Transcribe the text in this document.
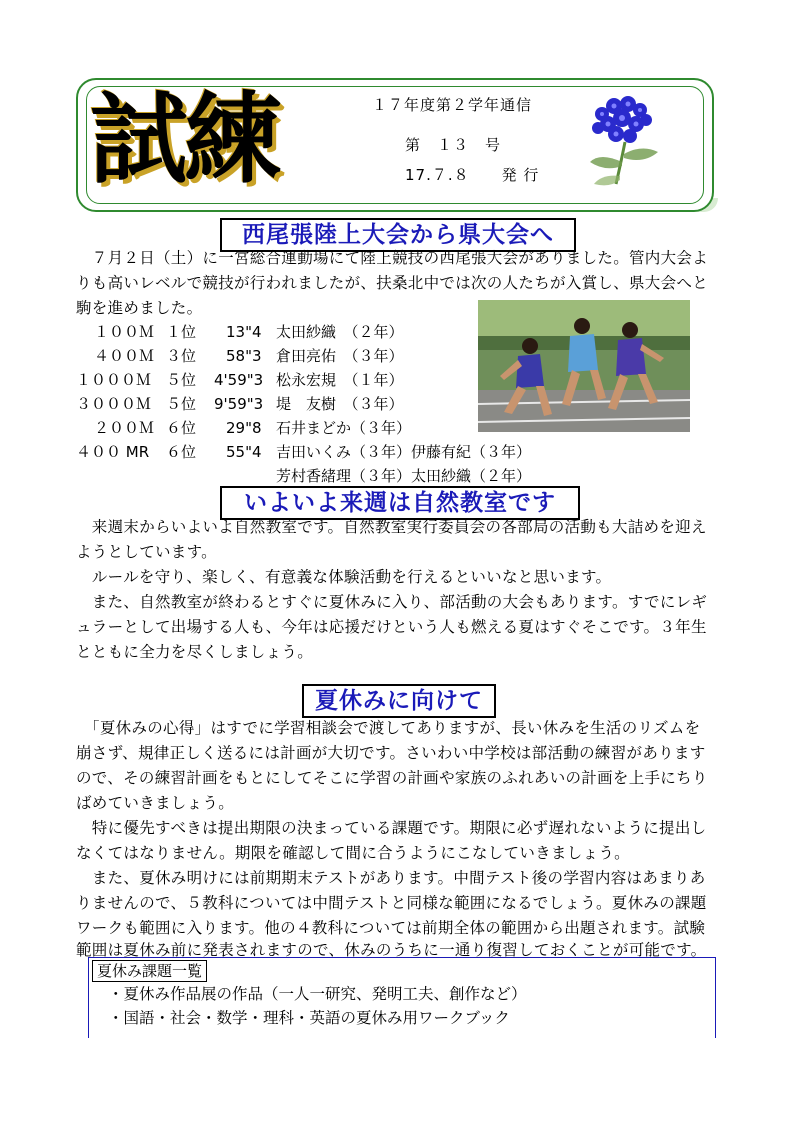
試練	１７年度第２学年通信
第　１３　号
17.７.８　　発 行
西尾張陸上大会から県大会へ
　７月２日（土）に一宮総合運動場にて陸上競技の西尾張大会がありました。管内大会よ
りも高いレベルで競技が行われましたが、扶桑北中では次の人たちが入賞し、県大会へと
駒を進めました。
１００Ｍ １位 13"4 太田紗織　（２年）
４００Ｍ ３位 58"3 倉田亮佑　（３年）
１０００Ｍ ５位 4'59"3 松永宏規　（１年）
３０００Ｍ ５位 9'59"3 堤　友樹　（３年）
２００Ｍ ６位 29"8 石井まどか（３年）
４００ MR ６位 55"4 吉田いくみ（３年）伊藤有紀（３年）
芳村香緒理（３年）太田紗織（２年）
いよいよ来週は自然教室です
　来週末からいよいよ自然教室です。自然教室実行委員会の各部局の活動も大詰めを迎え
ようとしています。
　ルールを守り、楽しく、有意義な体験活動を行えるといいなと思います。
　また、自然教室が終わるとすぐに夏休みに入り、部活動の大会もあります。すでにレギ
ュラーとして出場する人も、今年は応援だけという人も燃える夏はすぐそこです。３年生
とともに全力を尽くしましょう。
夏休みに向けて
　「夏休みの心得」はすでに学習相談会で渡してありますが、長い休みを生活のリズムを
崩さず、規律正しく送るには計画が大切です。さいわい中学校は部活動の練習があります
ので、その練習計画をもとにしてそこに学習の計画や家族のふれあいの計画を上手にちり
ばめていきましょう。
　特に優先すべきは提出期限の決まっている課題です。期限に必ず遅れないように提出し
なくてはなりません。期限を確認して間に合うようにこなしていきましょう。
　また、夏休み明けには前期期末テストがあります。中間テスト後の学習内容はあまりあ
りませんので、５教科については中間テストと同様な範囲になるでしょう。夏休みの課題
ワークも範囲に入ります。他の４教科については前期全体の範囲から出題されます。試験
範囲は夏休み前に発表されますので、休みのうちに一通り復習しておくことが可能です。
夏休み課題一覧
・夏休み作品展の作品（一人一研究、発明工夫、創作など）
・国語・社会・数学・理科・英語の夏休み用ワークブック
